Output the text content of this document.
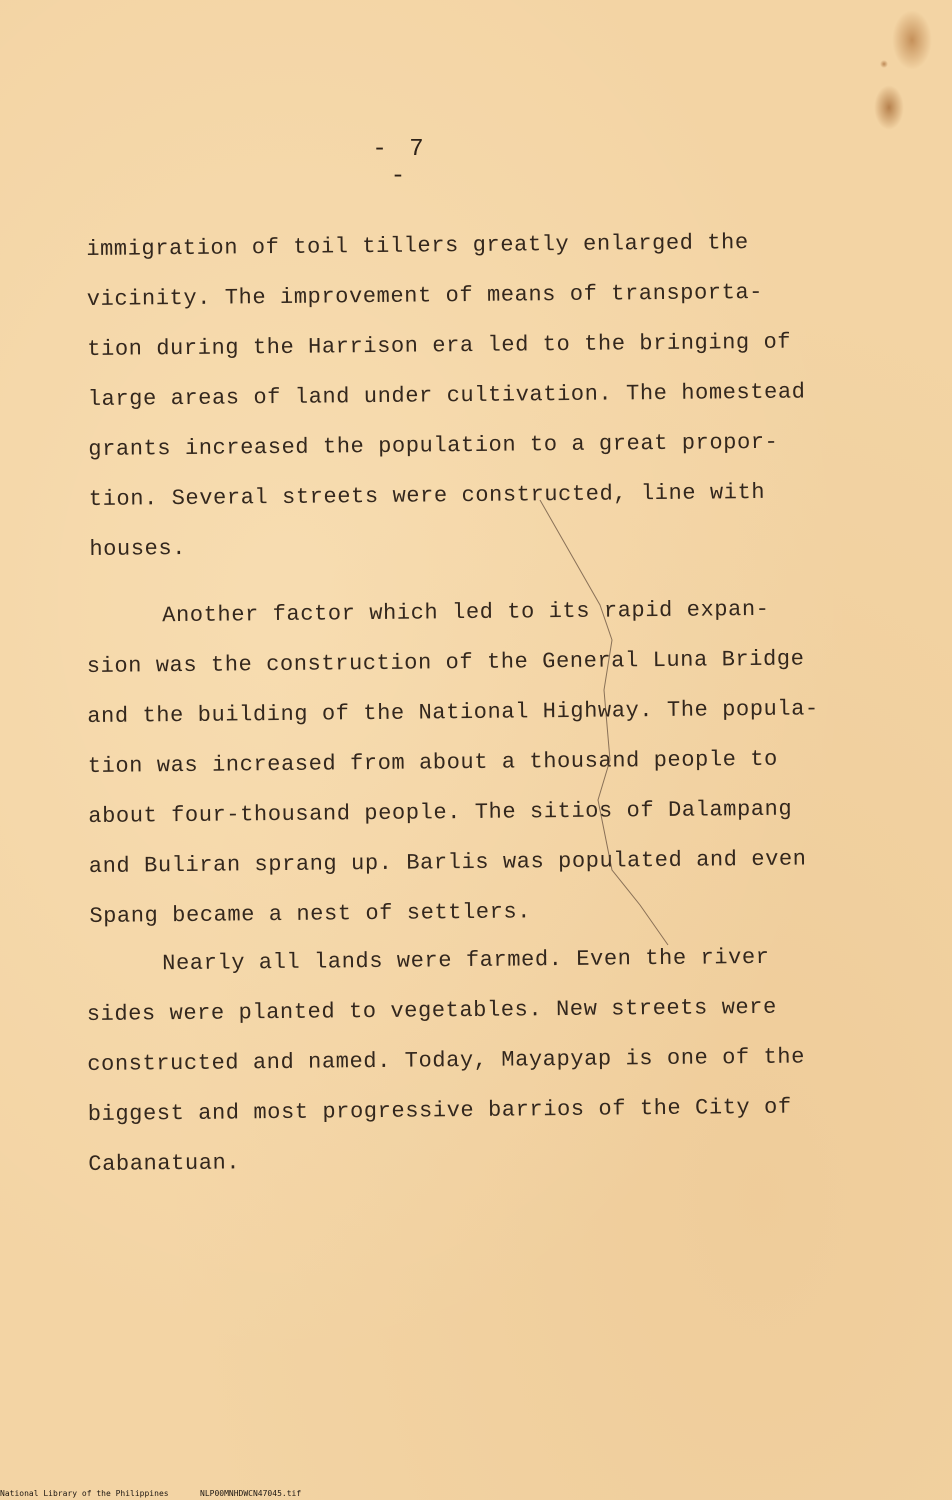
- 7 -
immigration of toil tillers greatly enlarged the
vicinity. The improvement of means of transporta-
tion during the Harrison era led to the bringing of
large areas of land under cultivation. The homestead
grants increased the population to a great propor-
tion. Several streets were constructed, line with
houses.
Another factor which led to its rapid expan-
sion was the construction of the General Luna Bridge
and the building of the National Highway. The popula-
tion was increased from about a thousand people to
about four-thousand people. The sitios of Dalampang
and Buliran sprang up. Barlis was populated and even
Spang became a nest of settlers.
Nearly all lands were farmed. Even the river
sides were planted to vegetables. New streets were
constructed and named. Today, Mayapyap is one of the
biggest and most progressive barrios of the City of
Cabanatuan.
National Library of the Philippines	NLP00MNHDWCN47045.tif
